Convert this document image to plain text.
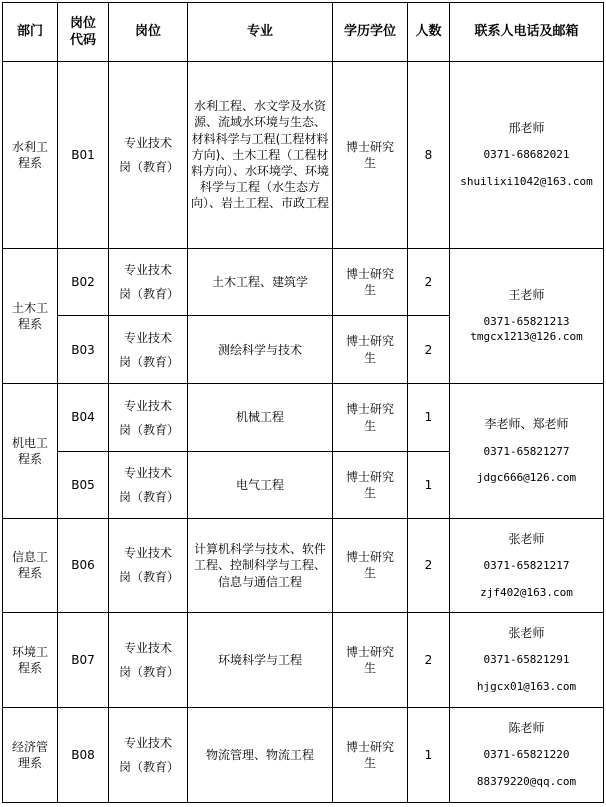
部门	岗位代码	岗位	专业	学历学位	人数	联系人电话及邮箱
水利工程系	B01	专业技术岗（教育）	水利工程、水文学及水资源、流域水环境与生态、材料科学与工程(工程材料方向)、土木工程（工程材料方向）、水环境学、环境科学与工程（水生态方向）、岩土工程、市政工程	博士研究生	8	邢老师
0371-68682021
shuilixi1042@163.com

土木工程系	B02	专业技术岗（教育）	土木工程、建筑学	博士研究生	2	王老师
0371-65821213
tmgcx1213@126.com

	B03	专业技术岗（教育）	测绘科学与技术	博士研究生	2	
机电工程系	B04	专业技术岗（教育）	机械工程	博士研究生	1	李老师、郑老师
0371-65821277
jdgc666@126.com

	B05	专业技术岗（教育）	电气工程	博士研究生	1	
信息工程系	B06	专业技术岗（教育）	计算机科学与技术、软件工程、控制科学与工程、信息与通信工程	博士研究生	2	张老师
0371-65821217
zjf402@163.com

环境工程系	B07	专业技术岗（教育）	环境科学与工程	博士研究生	2	张老师
0371-65821291
hjgcx01@163.com

经济管理系	B08	专业技术岗（教育）	物流管理、物流工程	博士研究生	1	陈老师
0371-65821220
88379220@qq.com
